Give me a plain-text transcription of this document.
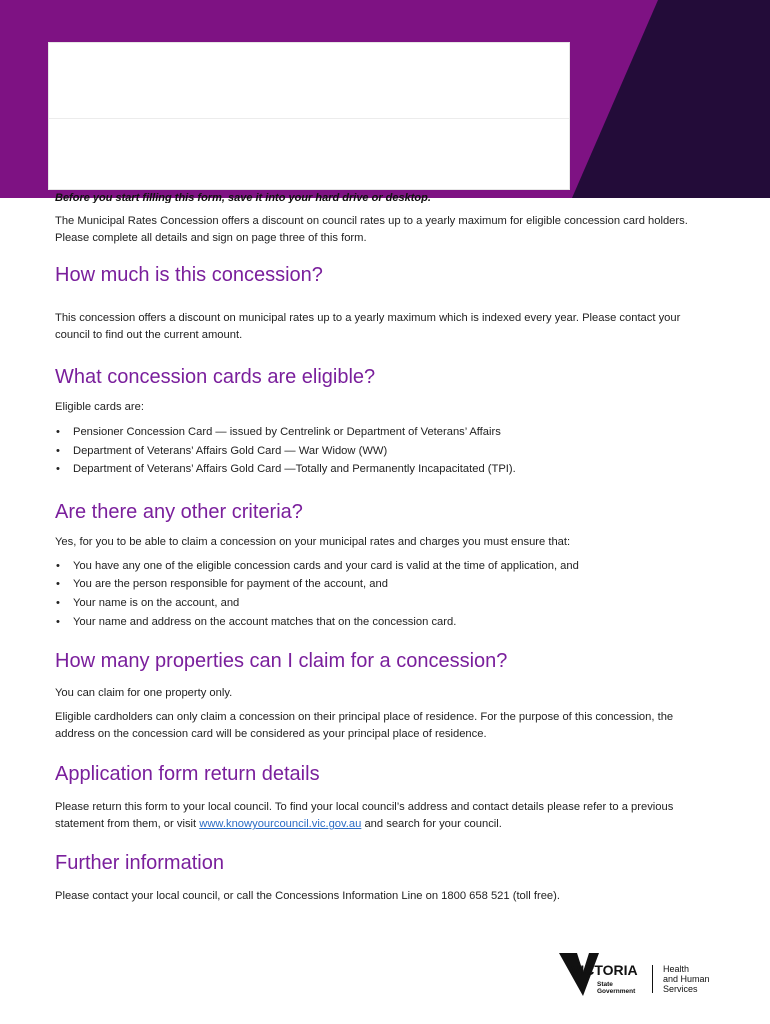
Before you start filling this form, save it into your hard drive or desktop.

The Municipal Rates Concession offers a discount on council rates up to a yearly maximum for eligible concession card holders. Please complete all details and sign on page three of this form.

How much is this concession?

This concession offers a discount on municipal rates up to a yearly maximum which is indexed every year. Please contact your council to find out the current amount.

What concession cards are eligible?

Eligible cards are:

• Pensioner Concession Card — issued by Centrelink or Department of Veterans’ Affairs
• Department of Veterans’ Affairs Gold Card — War Widow (WW)
• Department of Veterans’ Affairs Gold Card —Totally and Permanently Incapacitated (TPI).
Are there any other criteria?

Yes, for you to be able to claim a concession on your municipal rates and charges you must ensure that:

• You have any one of the eligible concession cards and your card is valid at the time of application, and
• You are the person responsible for payment of the account, and
• Your name is on the account, and
• Your name and address on the account matches that on the concession card.
How many properties can I claim for a concession?

You can claim for one property only.

Eligible cardholders can only claim a concession on their principal place of residence. For the purpose of this concession, the address on the concession card will be considered as your principal place of residence.

Application form return details

Please return this form to your local council. To find your local council’s address and contact details please refer to a previous statement from them, or visit www.knowyourcouncil.vic.gov.au and search for your council.

Further information

Please contact your local council, or call the Concessions Information Line on 1800 658 521 (toll free).

VICTORIA
State
Government
Health
and Human
Services
